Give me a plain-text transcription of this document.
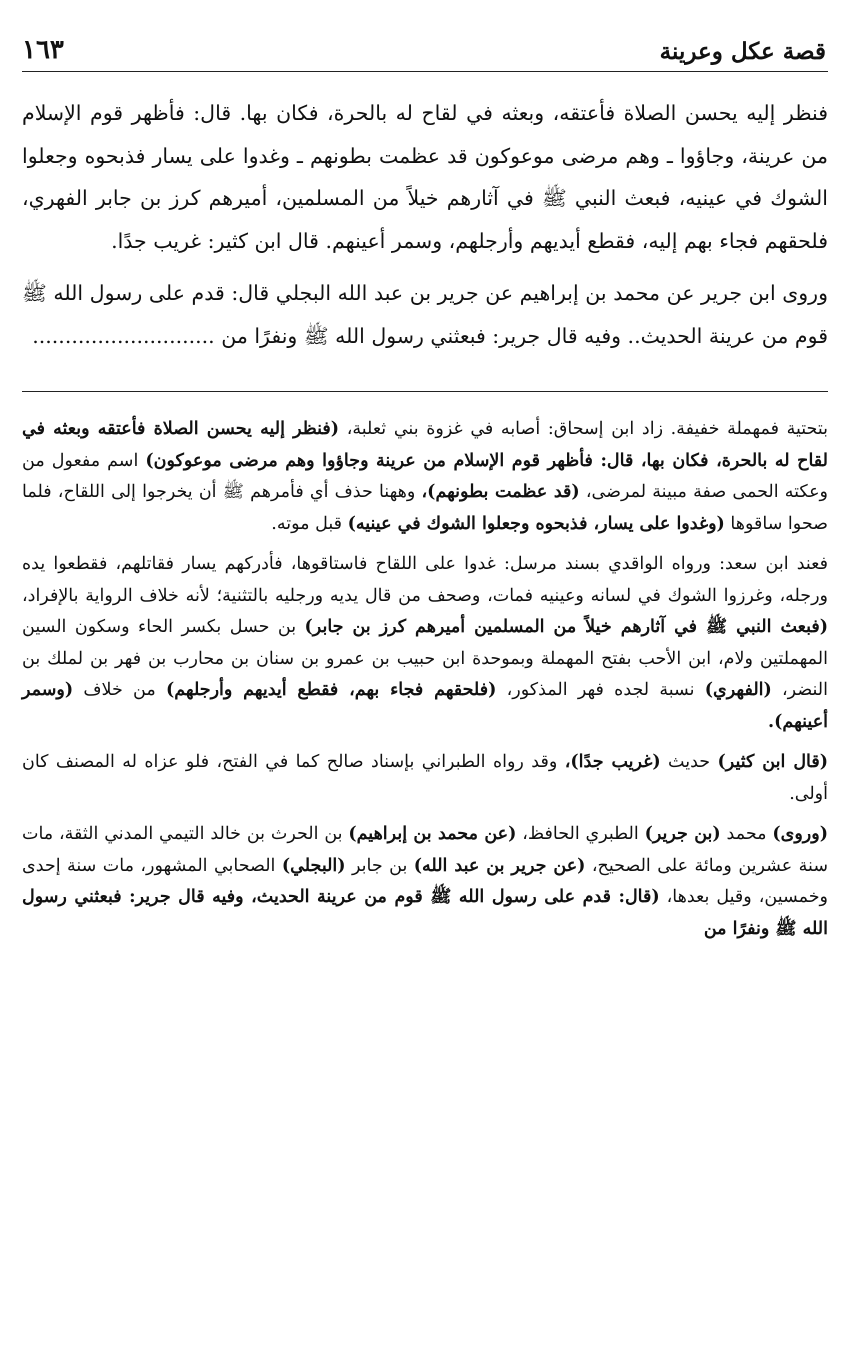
قصة عكل وعرينة
١٦٣

فنظر إليه يحسن الصلاة فأعتقه، وبعثه في لقاح له بالحرة، فكان بها. قال: فأظهر قوم الإسلام من عرينة، وجاؤوا ـ وهم مرضى موعوكون قد عظمت بطونهم ـ وغدوا على يسار فذبحوه وجعلوا الشوك في عينيه، فبعث النبي ﷺ في آثارهم خيلاً من المسلمين، أميرهم كرز بن جابر الفهري، فلحقهم فجاء بهم إليه، فقطع أيديهم وأرجلهم، وسمر أعينهم. قال ابن كثير: غريب جدًا.

وروى ابن جرير عن محمد بن إبراهيم عن جرير بن عبد الله البجلي قال: قدم على رسول الله ﷺ قوم من عرينة الحديث.. وفيه قال جرير: فبعثني رسول الله ﷺ ونفرًا من ............................

بتحتية فمهملة خفيفة. زاد ابن إسحاق: أصابه في غزوة بني ثعلبة، (فنظر إليه يحسن الصلاة فأعتقه وبعثه في لقاح له بالحرة، فكان بها، قال: فأظهر قوم الإسلام من عرينة وجاؤوا وهم مرضى موعوكون) اسم مفعول من وعكته الحمى صفة مبينة لمرضى، (قد عظمت بطونهم)، وههنا حذف أي فأمرهم ﷺ أن يخرجوا إلى اللقاح، فلما صحوا ساقوها (وغدوا على يسار، فذبحوه وجعلوا الشوك في عينيه) قبل موته.

فعند ابن سعد: ورواه الواقدي بسند مرسل: غدوا على اللقاح فاستاقوها، فأدركهم يسار فقاتلهم، فقطعوا يده ورجله، وغرزوا الشوك في لسانه وعينيه فمات، وصحف من قال يديه ورجليه بالتثنية؛ لأنه خلاف الرواية بالإفراد، (فبعث النبي ﷺ في آثارهم خيلاً من المسلمين أميرهم كرز بن جابر) بن حسل بكسر الحاء وسكون السين المهملتين ولام، ابن الأحب بفتح المهملة وبموحدة ابن حبيب بن عمرو بن سنان بن محارب بن فهر بن لملك بن النضر، (الفهري) نسبة لجده فهر المذكور، (فلحقهم فجاء بهم، فقطع أيديهم وأرجلهم) من خلاف (وسمر أعينهم).

(قال ابن كثير) حديث (غريب جدًا)، وقد رواه الطبراني بإسناد صالح كما في الفتح، فلو عزاه له المصنف كان أولى.

(وروى) محمد (بن جرير) الطبري الحافظ، (عن محمد بن إبراهيم) بن الحرث بن خالد التيمي المدني الثقة، مات سنة عشرين ومائة على الصحيح، (عن جرير بن عبد الله) بن جابر (البجلي) الصحابي المشهور، مات سنة إحدى وخمسين، وقيل بعدها، (قال: قدم على رسول الله ﷺ قوم من عرينة الحديث، وفيه قال جرير: فبعثني رسول الله ﷺ ونفرًا من
